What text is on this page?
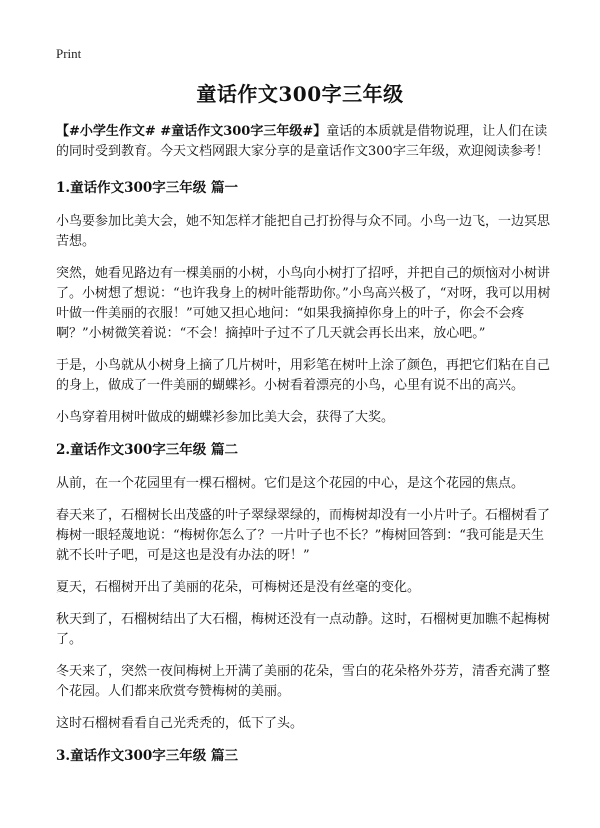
Print
童话作文300字三年级

【#小学生作文# #童话作文300字三年级#】童话的本质就是借物说理，让人们在读的同时受到教育。今天文档网跟大家分享的是童话作文300字三年级，欢迎阅读参考！

1.童话作文300字三年级 篇一

小鸟要参加比美大会，她不知怎样才能把自己打扮得与众不同。小鸟一边飞，一边冥思苦想。

突然，她看见路边有一棵美丽的小树，小鸟向小树打了招呼，并把自己的烦恼对小树讲了。小树想了想说：“也许我身上的树叶能帮助你。”小鸟高兴极了，“对呀，我可以用树叶做一件美丽的衣服！”可她又担心地问：“如果我摘掉你身上的叶子，你会不会疼啊？”小树微笑着说：“不会！摘掉叶子过不了几天就会再长出来，放心吧。”

于是，小鸟就从小树身上摘了几片树叶，用彩笔在树叶上涂了颜色，再把它们粘在自己的身上，做成了一件美丽的蝴蝶衫。小树看着漂亮的小鸟，心里有说不出的高兴。

小鸟穿着用树叶做成的蝴蝶衫参加比美大会，获得了大奖。

2.童话作文300字三年级 篇二

从前，在一个花园里有一棵石榴树。它们是这个花园的中心，是这个花园的焦点。

春天来了，石榴树长出茂盛的叶子翠绿翠绿的，而梅树却没有一小片叶子。石榴树看了梅树一眼轻蔑地说：“梅树你怎么了？一片叶子也不长？”梅树回答到：“我可能是天生就不长叶子吧，可是这也是没有办法的呀！”

夏天，石榴树开出了美丽的花朵，可梅树还是没有丝毫的变化。

秋天到了，石榴树结出了大石榴，梅树还没有一点动静。这时，石榴树更加瞧不起梅树了。

冬天来了，突然一夜间梅树上开满了美丽的花朵，雪白的花朵格外芬芳，清香充满了整个花园。人们都来欣赏夸赞梅树的美丽。

这时石榴树看看自己光秃秃的，低下了头。

3.童话作文300字三年级 篇三
